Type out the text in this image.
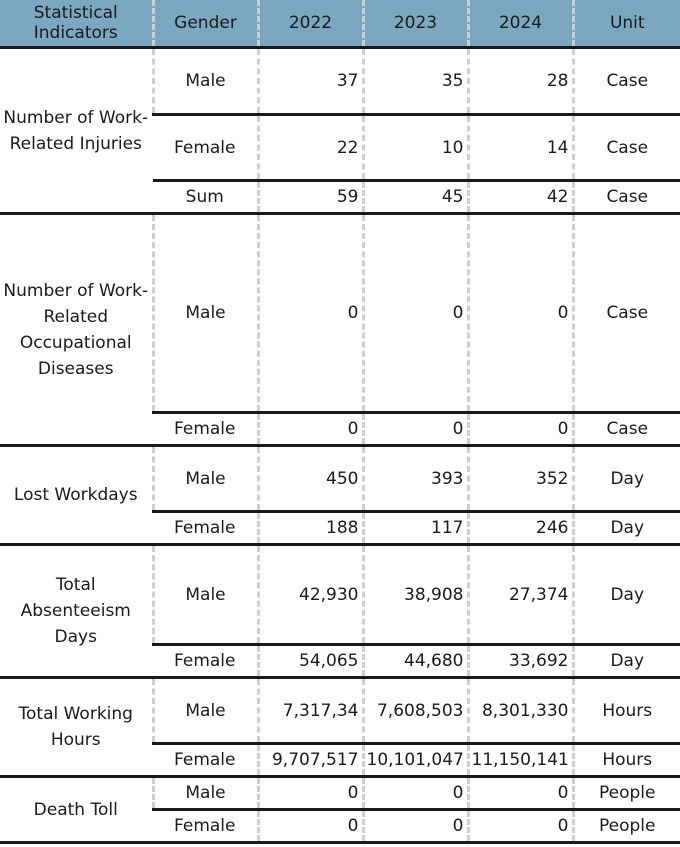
Statistical Indicators	Gender	2022	2023	2024	Unit
Number of Work-Related Injuries	Male	37	35	28	Case
	Female	22	10	14	Case
	Sum	59	45	42	Case
Number of Work-Related Occupational Diseases	Male	0	0	0	Case
	Female	0	0	0	Case
Lost Workdays	Male	450	393	352	Day
	Female	188	117	246	Day
Total Absenteeism Days	Male	42,930	38,908	27,374	Day
	Female	54,065	44,680	33,692	Day
Total Working Hours	Male	7,317,34	7,608,503	8,301,330	Hours
	Female	9,707,517	10,101,047	11,150,141	Hours
Death Toll	Male	0	0	0	People
	Female	0	0	0	People
